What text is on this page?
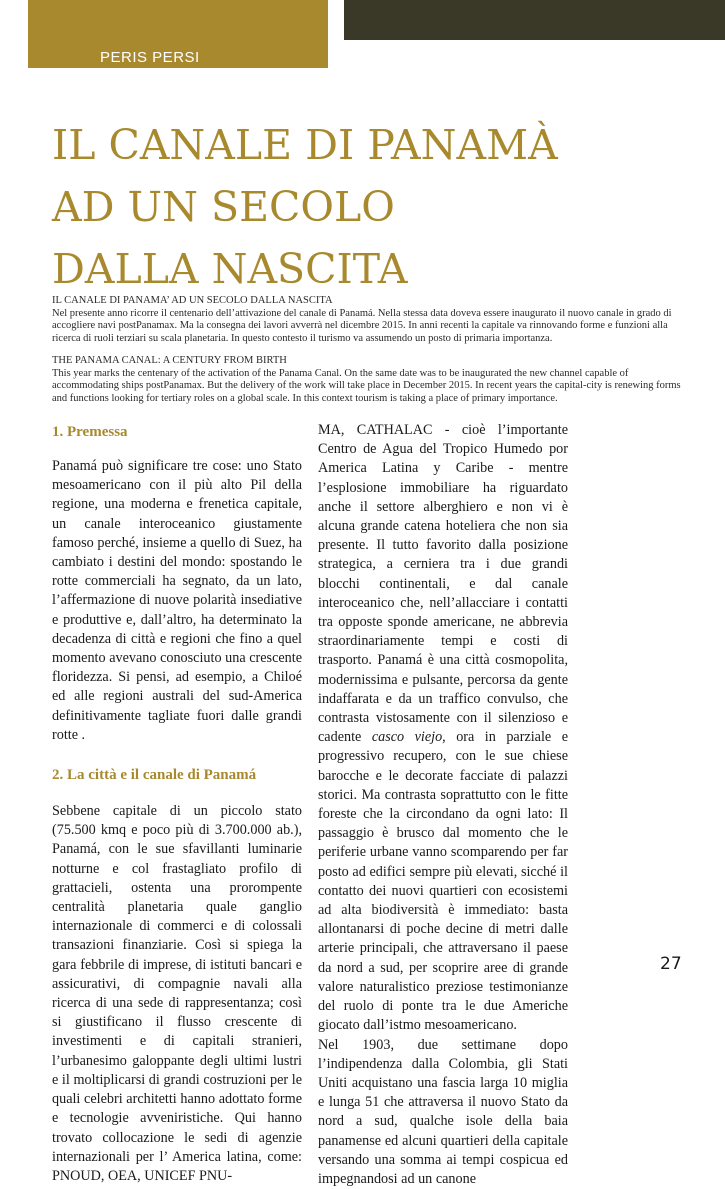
PERIS PERSI
IL CANALE DI PANAMÀ
AD UN SECOLO
DALLA NASCITA
IL CANALE DI PANAMA’ AD UN SECOLO DALLA NASCITA
Nel presente anno ricorre il centenario dell’attivazione del canale di Panamá. Nella stessa data doveva essere inaugurato il nuovo canale in grado di accogliere navi postPanamax. Ma la consegna dei lavori avverrà nel dicembre 2015. In anni recenti la capitale va rinnovando forme e funzioni alla ricerca di ruoli terziari su scala planetaria. In questo contesto il turismo va assumendo un posto di primaria importanza.
THE PANAMA CANAL: A CENTURY FROM BIRTH
This year marks the centenary of the activation of the Panama Canal. On the same date was to be inaugurated the new channel capable of accommodating ships postPanamax. But the delivery of the work will take place in December 2015. In recent years the capital-city is renewing forms and functions looking for tertiary roles on a global scale. In this context tourism is taking a place of primary importance.
1. Premessa

Panamá può significare tre cose: uno Stato mesoamericano con il più alto Pil della regione, una moderna e frenetica capitale, un canale interoceanico giustamente famoso perché, insieme a quello di Suez, ha cambiato i destini del mondo: spostando le rotte commerciali ha segnato, da un lato, l’affermazione di nuove polarità insediative e produttive e, dall’altro, ha determinato la decadenza di città e regioni che fino a quel momento avevano conosciuto una crescente floridezza. Si pensi, ad esempio, a Chiloé ed alle regioni australi del sud-America definitivamente tagliate fuori dalle grandi rotte .

2. La città e il canale di Panamá

Sebbene capitale di un piccolo stato (75.500 kmq e poco più di 3.700.000 ab.), Panamá, con le sue sfavillanti luminarie notturne e col frastagliato profilo di grattacieli, ostenta una prorompente centralità planetaria quale ganglio internazionale di commerci e di colossali transazioni finanziarie. Così si spiega la gara febbrile di imprese, di istituti bancari e assicurativi, di compagnie navali alla ricerca di una sede di rappresentanza; così si giustificano il flusso crescente di investimenti e di capitali stranieri, l’urbanesimo galoppante degli ultimi lustri e il moltiplicarsi di grandi costruzioni per le quali celebri architetti hanno adottato forme e tecnologie avveniristiche. Qui hanno trovato collocazione le sedi di agenzie internazionali per l’ America latina, come: PNOUD, OEA, UNICEF PNU-

MA, CATHALAC - cioè l’importante Centro de Agua del Tropico Humedo por America Latina y Caribe - mentre l’esplosione immobiliare ha riguardato anche il settore alberghiero e non vi è alcuna grande catena hoteliera che non sia presente. Il tutto favorito dalla posizione strategica, a cerniera tra i due grandi blocchi continentali, e dal canale interoceanico che, nell’allacciare i contatti tra opposte sponde americane, ne abbrevia straordinariamente tempi e costi di trasporto. Panamá è una città cosmopolita, modernissima e pulsante, percorsa da gente indaffarata e da un traffico convulso, che contrasta vistosamente con il silenzioso e cadente casco viejo, ora in parziale e progressivo recupero, con le sue chiese barocche e le decorate facciate di palazzi storici. Ma contrasta soprattutto con le fitte foreste che la circondano da ogni lato: Il passaggio è brusco dal momento che le periferie urbane vanno scomparendo per far posto ad edifici sempre più elevati, sicché il contatto dei nuovi quartieri con ecosistemi ad alta biodiversità è immediato: basta allontanarsi di poche decine di metri dalle arterie principali, che attraversano il paese da nord a sud, per scoprire aree di grande valore naturalistico preziose testimonianze del ruolo di ponte tra le due Americhe giocato dall’istmo mesoamericano.

Nel 1903, due settimane dopo l’indipendenza dalla Colombia, gli Stati Uniti acquistano una fascia larga 10 miglia e lunga 51 che attraversa il nuovo Stato da nord a sud, qualche isole della baia panamense ed alcuni quartieri della capitale versando una somma ai tempi cospicua ed impegnandosi ad un canone

27
